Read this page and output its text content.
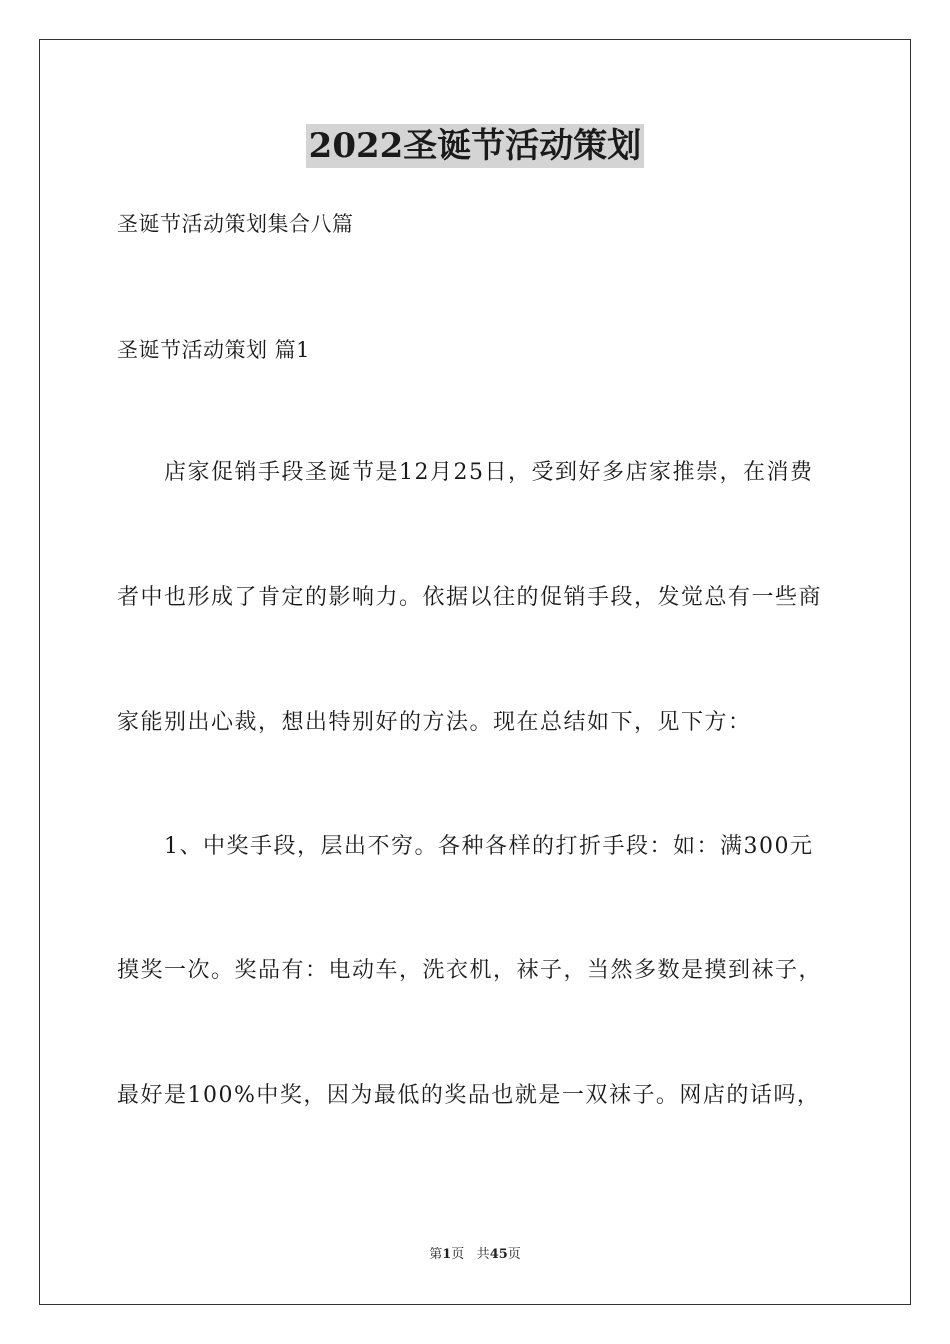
2022圣诞节活动策划
圣诞节活动策划集合八篇
圣诞节活动策划 篇1
店家促销手段圣诞节是12月25日，受到好多店家推崇，在消费
者中也形成了肯定的影响力。依据以往的促销手段，发觉总有一些商
家能别出心裁，想出特别好的方法。现在总结如下，见下方：
1、中奖手段，层出不穷。各种各样的打折手段：如：满300元
摸奖一次。奖品有：电动车，洗衣机，袜子，当然多数是摸到袜子，
最好是100%中奖，因为最低的奖品也就是一双袜子。网店的话吗，
第1页 共45页
